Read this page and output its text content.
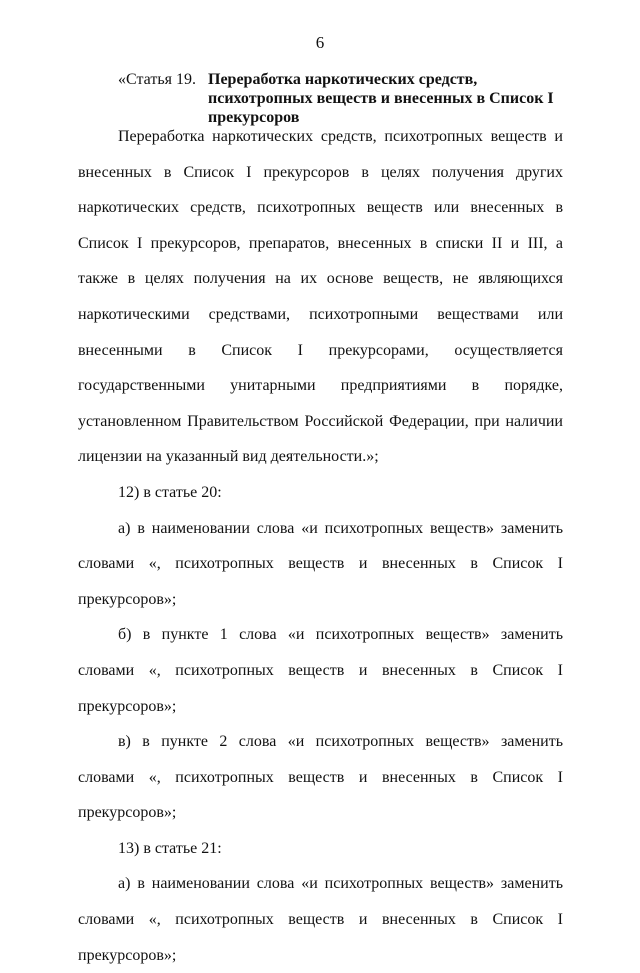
6
«Статья 19. Переработка наркотических средств, психотропных веществ и внесенных в Список I прекурсоров

Переработка наркотических средств, психотропных веществ и внесенных в Список I прекурсоров в целях получения других наркотических средств, психотропных веществ или внесенных в Список I прекурсоров, препаратов, внесенных в списки II и III, а также в целях получения на их основе веществ, не являющихся наркотическими средствами, психотропными веществами или внесенными в Список I прекурсорами, осуществляется государственными унитарными предприятиями в порядке, установленном Правительством Российской Федерации, при наличии лицензии на указанный вид деятельности.»;

12) в статье 20:

а) в наименовании слова «и психотропных веществ» заменить словами «, психотропных веществ и внесенных в Список I прекурсоров»;

б) в пункте 1 слова «и психотропных веществ» заменить словами «, психотропных веществ и внесенных в Список I прекурсоров»;

в) в пункте 2 слова «и психотропных веществ» заменить словами «, психотропных веществ и внесенных в Список I прекурсоров»;

13) в статье 21:

а) в наименовании слова «и психотропных веществ» заменить словами «, психотропных веществ и внесенных в Список I прекурсоров»;
